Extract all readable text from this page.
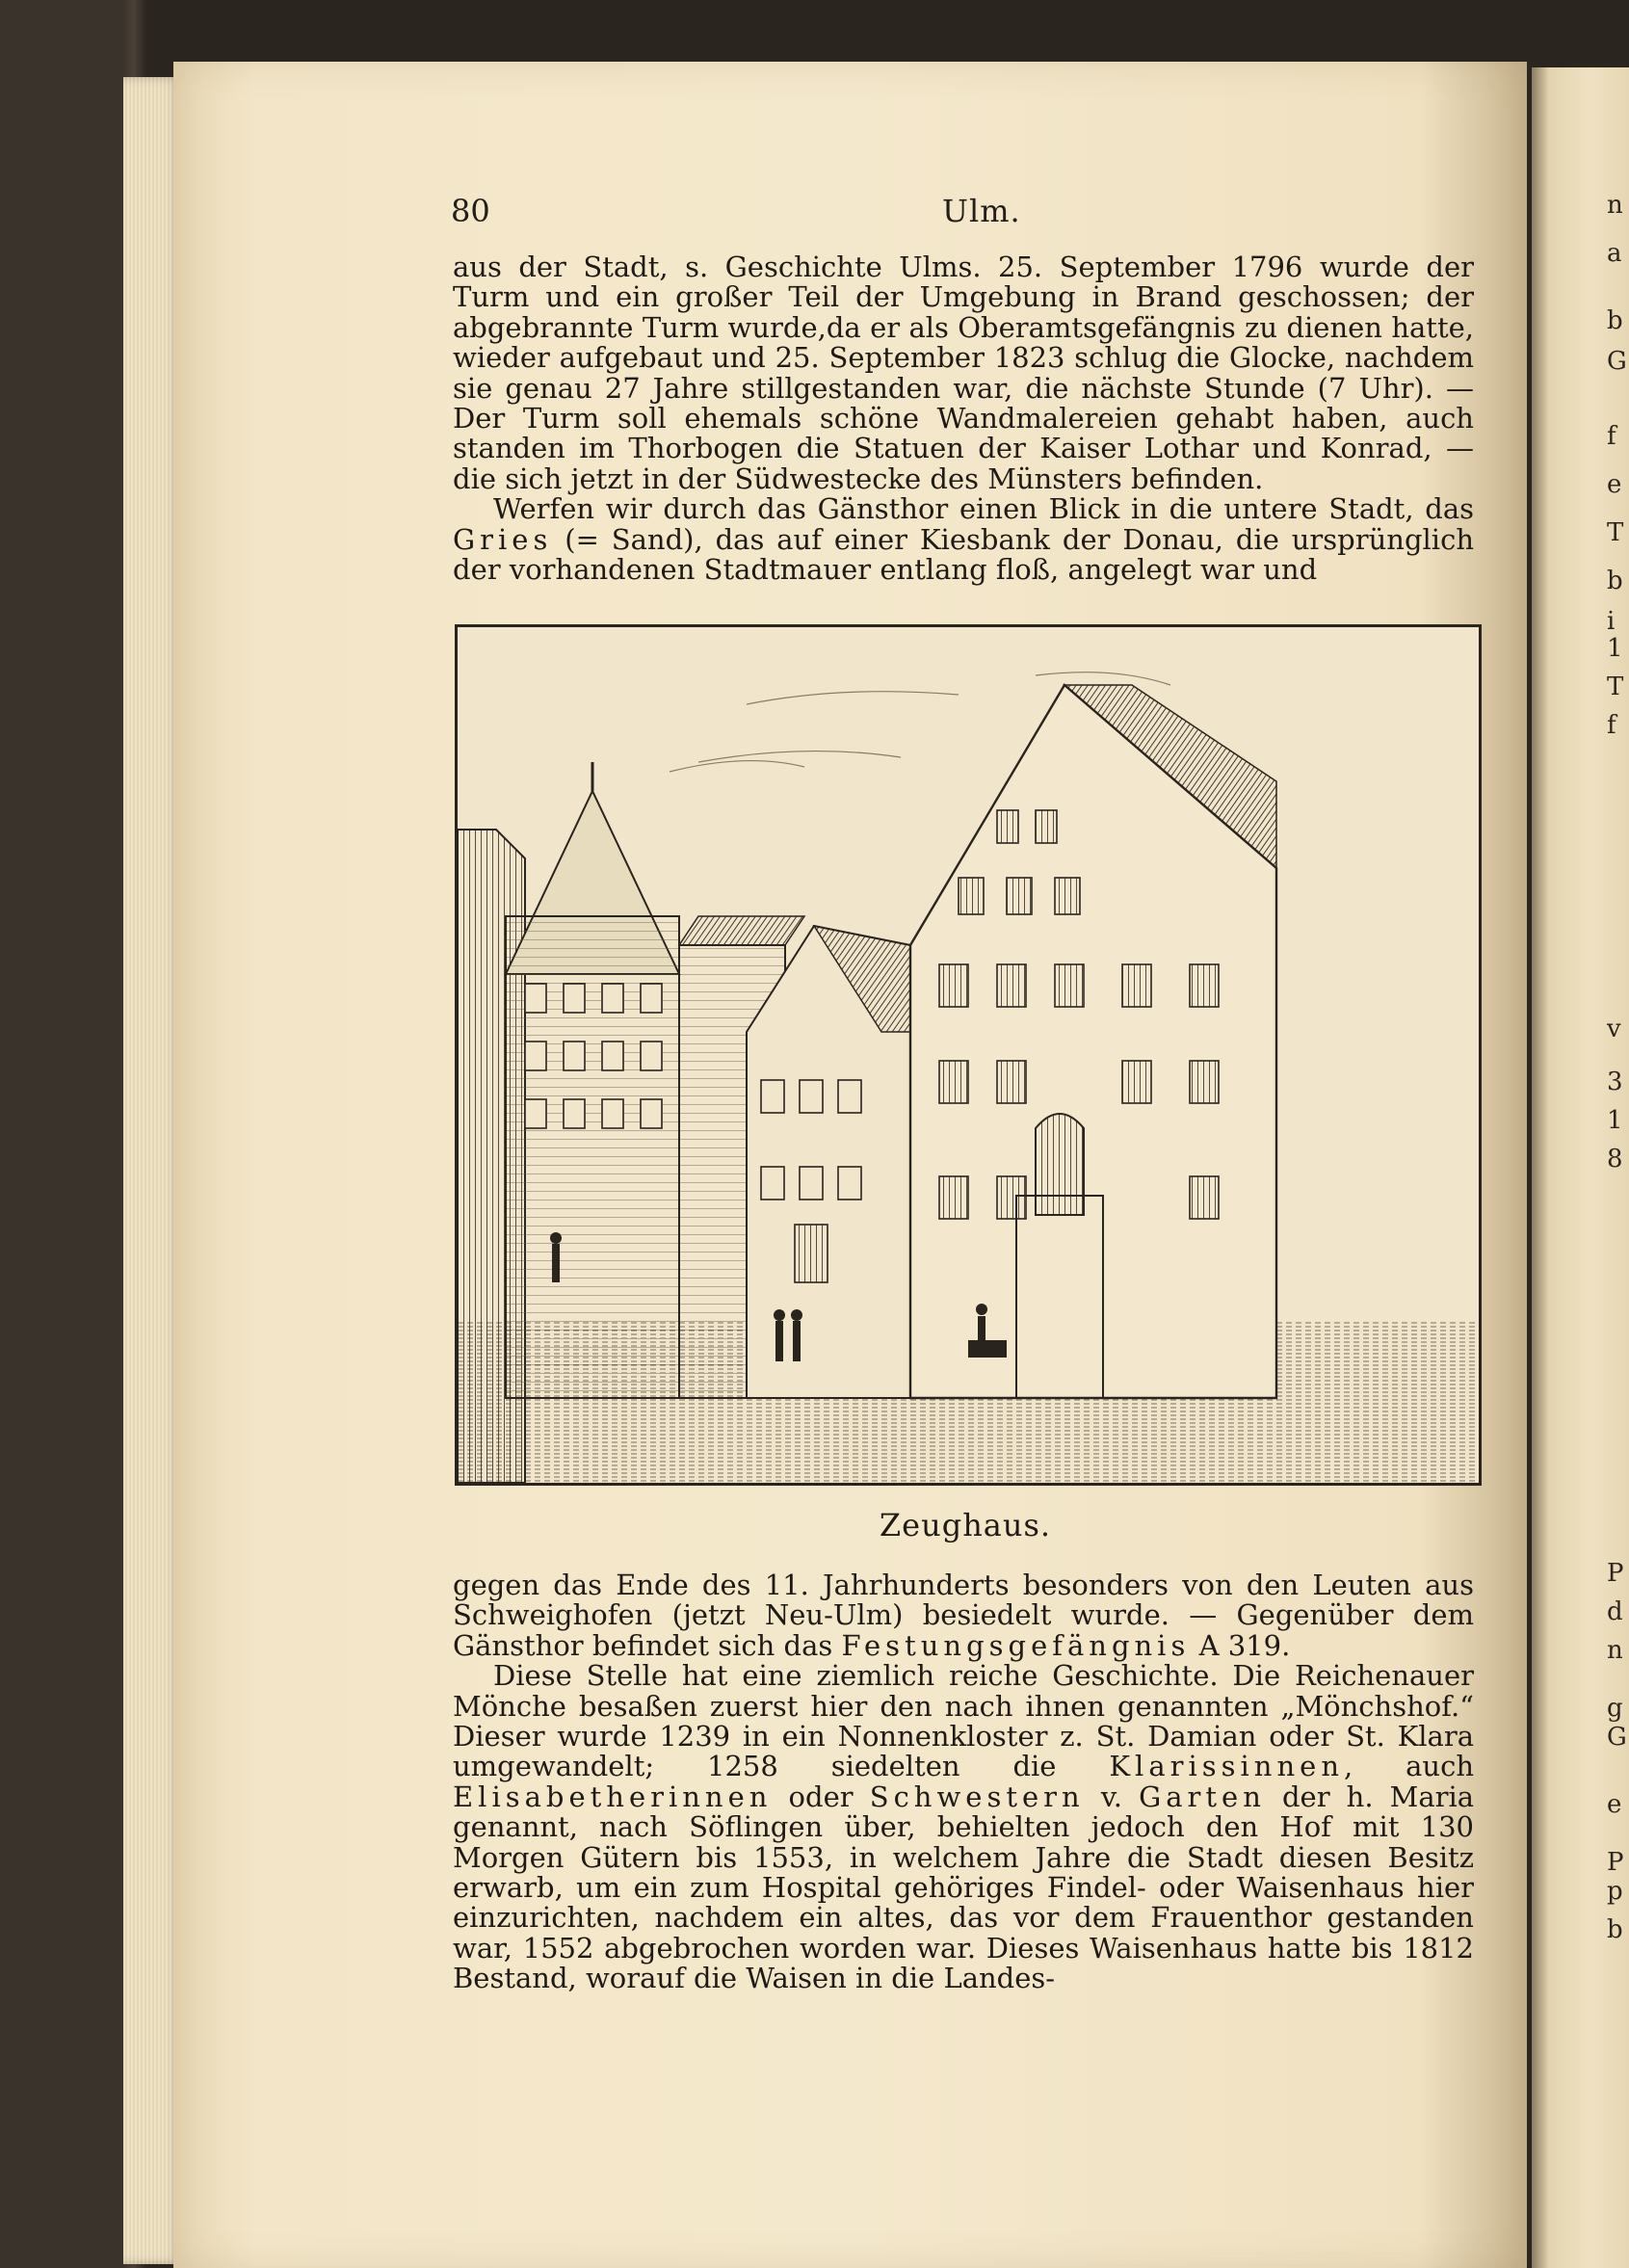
n
a
b
G
f
e
T
b
i
1
T
f
v
3
1
8
P
d
n
g
G
e
P
p
b
80	Ulm.

aus der Stadt, s. Geschichte Ulms. 25. September 1796 wurde der Turm und ein großer Teil der Umgebung in Brand geschossen; der abgebrannte Turm wurde,da er als Oberamtsgefängnis zu dienen hatte, wieder aufgebaut und 25. September 1823 schlug die Glocke, nachdem sie genau 27 Jahre stillgestanden war, die nächste Stunde (7 Uhr). — Der Turm soll ehemals schöne Wandmalereien gehabt haben, auch standen im Thorbogen die Statuen der Kaiser Lothar und Konrad, — die sich jetzt in der Südwestecke des Münsters befinden.

Werfen wir durch das Gänsthor einen Blick in die untere Stadt, das Gries (= Sand), das auf einer Kiesbank der Donau, die ursprünglich der vorhandenen Stadtmauer entlang floß, angelegt war und

Zeughaus.

gegen das Ende des 11. Jahrhunderts besonders von den Leuten aus Schweighofen (jetzt Neu-Ulm) besiedelt wurde. — Gegenüber dem Gänsthor befindet sich das Festungsgefängnis A 319.

Diese Stelle hat eine ziemlich reiche Geschichte. Die Reichenauer Mönche besaßen zuerst hier den nach ihnen genannten „Mönchshof.“ Dieser wurde 1239 in ein Nonnenkloster z. St. Damian oder St. Klara umgewandelt; 1258 siedelten die Klarissinnen, auch Elisabetherinnen oder Schwestern v. Garten der h. Maria genannt, nach Söflingen über, behielten jedoch den Hof mit 130 Morgen Gütern bis 1553, in welchem Jahre die Stadt diesen Besitz erwarb, um ein zum Hospital gehöriges Findel- oder Waisenhaus hier einzurichten, nachdem ein altes, das vor dem Frauenthor gestanden war, 1552 abgebrochen worden war. Dieses Waisenhaus hatte bis 1812 Bestand, worauf die Waisen in die Landes-
